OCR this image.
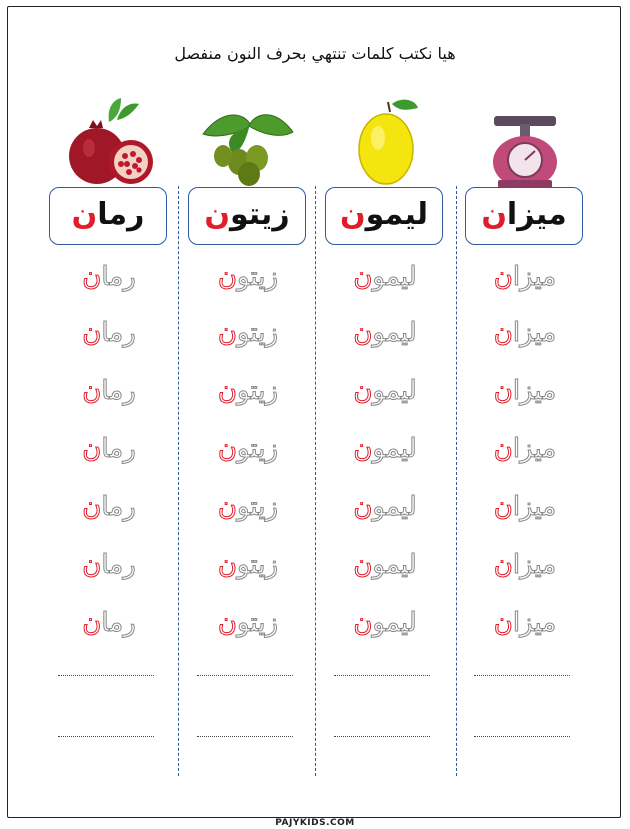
هيا نكتب كلمات تنتهي بحرف النون منفصل
ميزان
ميزان
ميزان
ميزان
ميزان
ميزان
ميزان
ميزان
ليمون
ليمون
ليمون
ليمون
ليمون
ليمون
ليمون
ليمون
زيتون
زيتون
زيتون
زيتون
زيتون
زيتون
زيتون
زيتون
رمان
رمان
رمان
رمان
رمان
رمان
رمان
رمان
PAJYKIDS.COM
